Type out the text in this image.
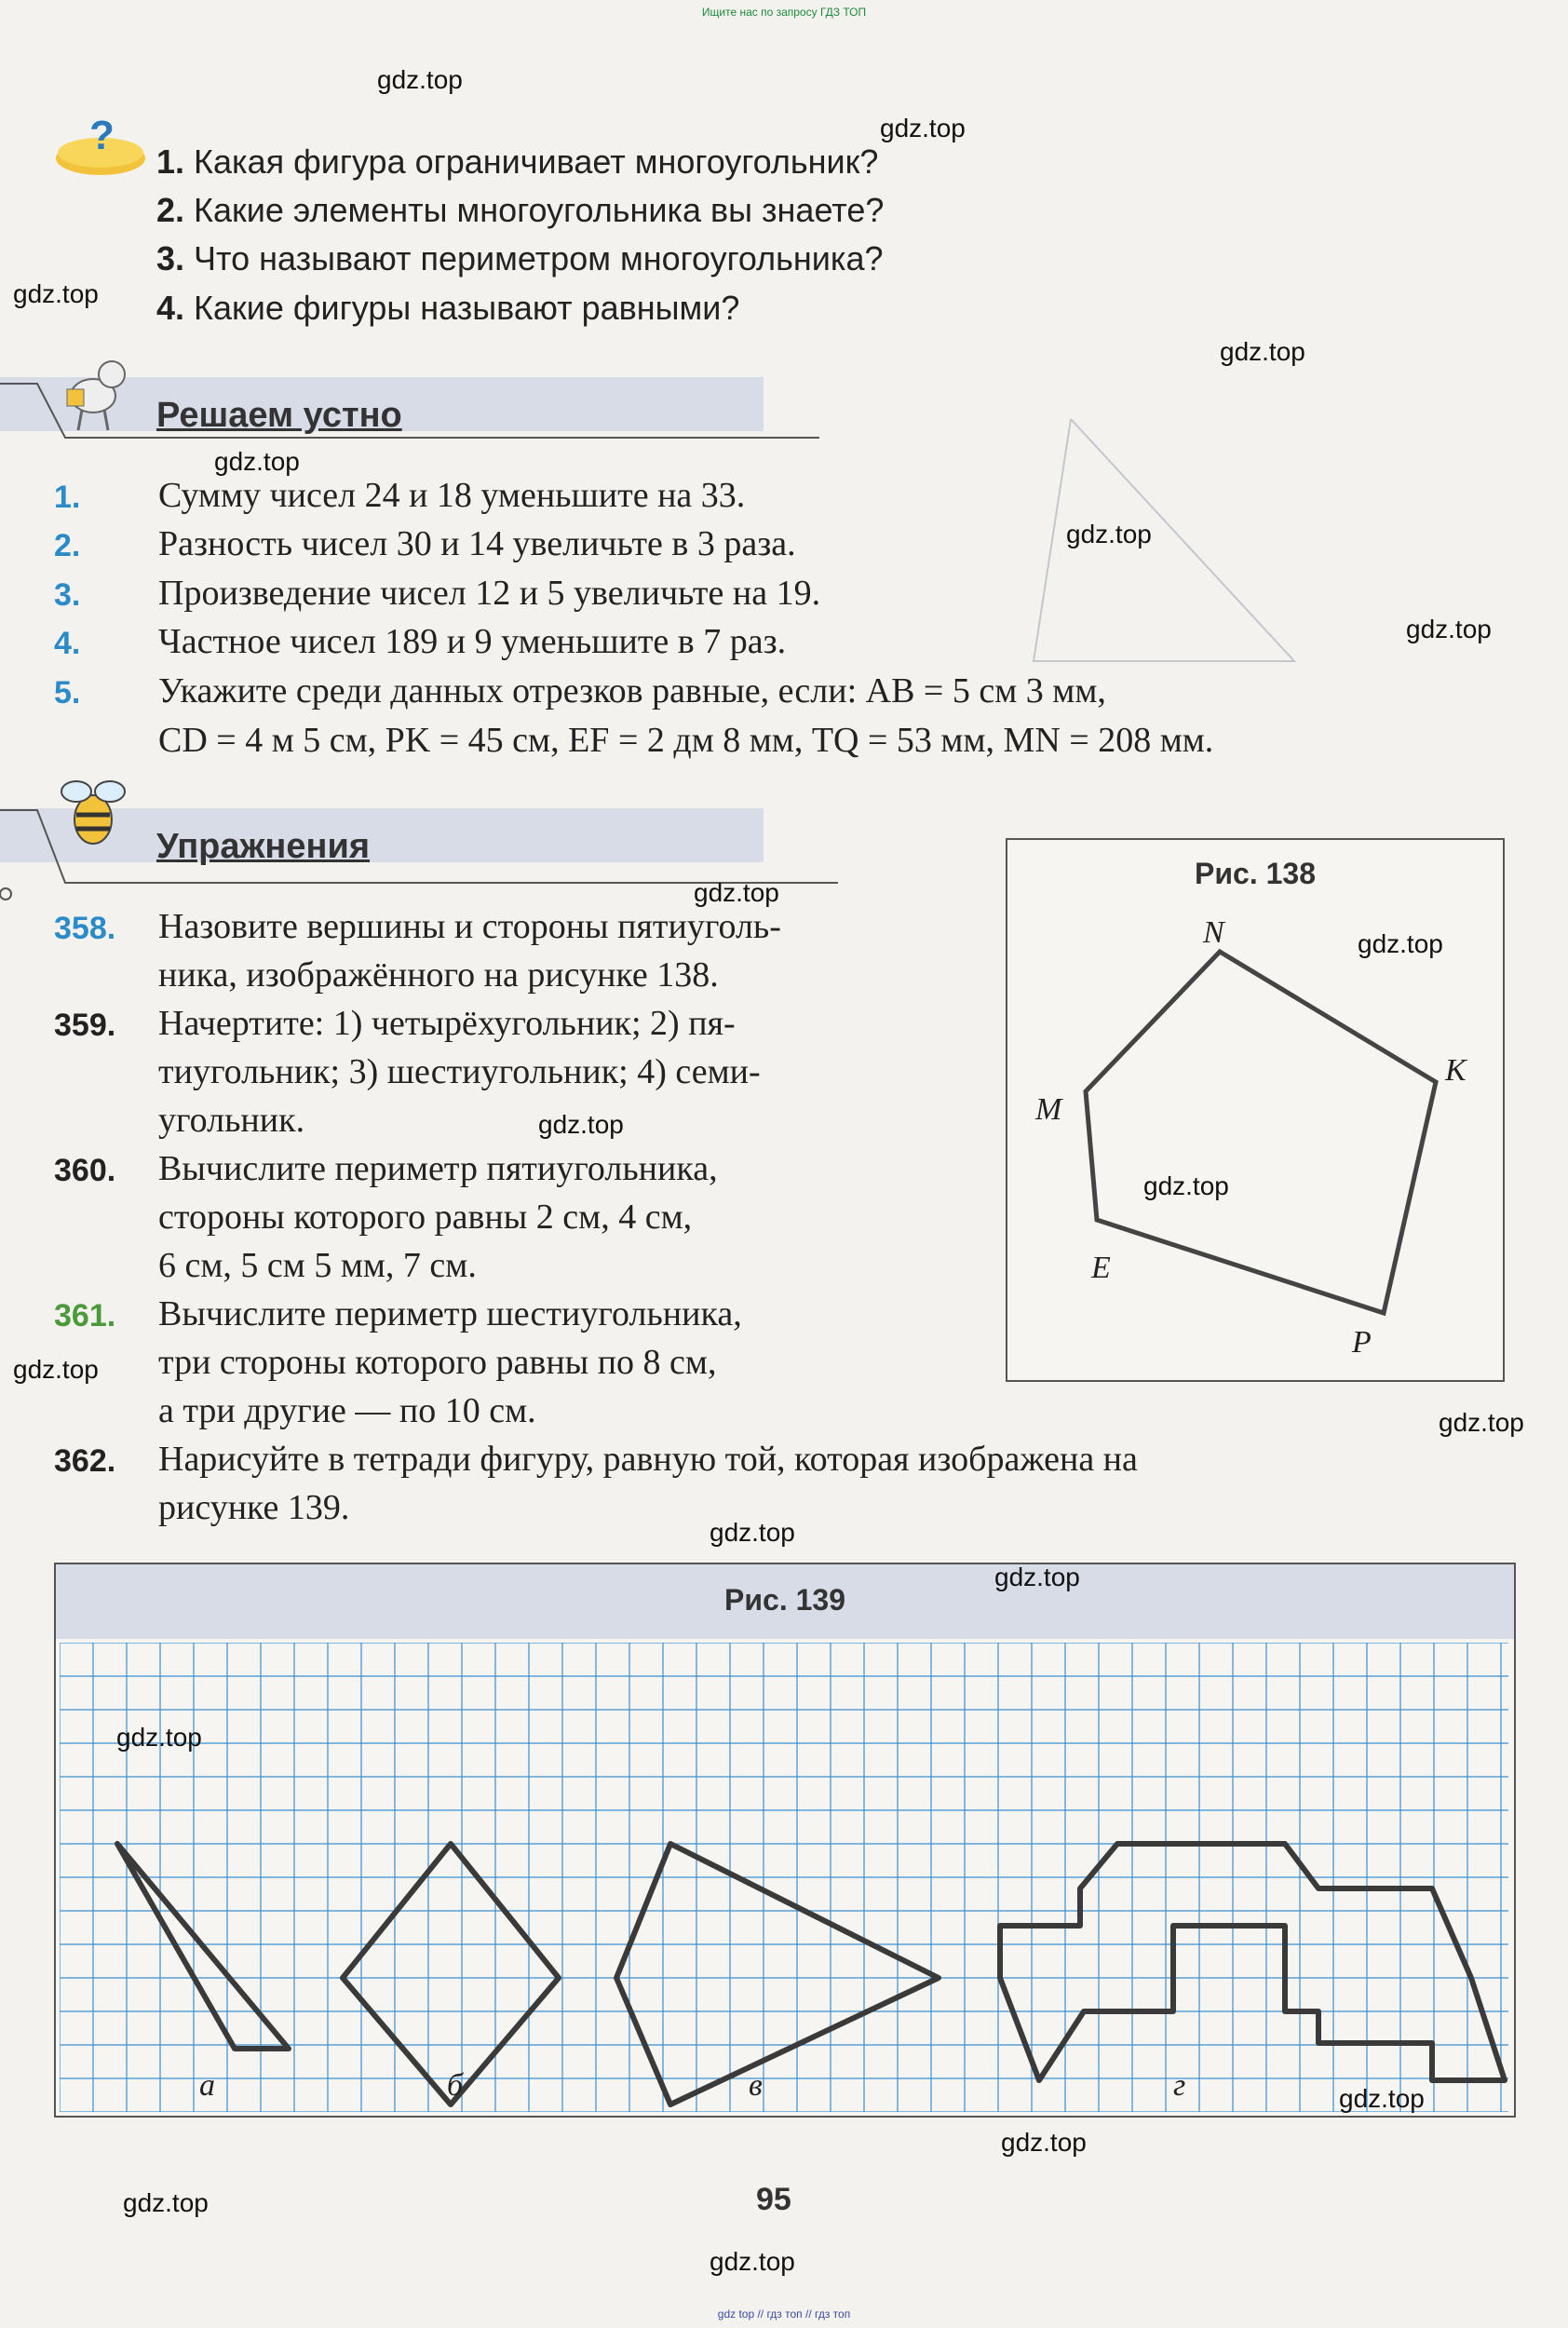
Ищите нас по запросу ГДЗ ТОП
gdz top // гдз топ // гдз топ
?
1. Какая фигура ограничивает многоугольник?
2. Какие элементы многоугольника вы знаете?
3. Что называют периметром многоугольника?
4. Какие фигуры называют равными?
Решаем устно
1. Сумму чисел 24 и 18 уменьшите на 33.
2. Разность чисел 30 и 14 увеличьте в 3 раза.
3. Произведение чисел 12 и 5 увеличьте на 19.
4. Частное чисел 189 и 9 уменьшите в 7 раз.
5. Укажите среди данных отрезков равные, если: AB = 5 см 3 мм,
CD = 4 м 5 см, PK = 45 см, EF = 2 дм 8 мм, TQ = 53 мм, MN = 208 мм.
Упражнения
358. Назовите вершины и стороны пятиуголь-
ника, изображённого на рисунке 138.
359. Начертите: 1) четырёхугольник; 2) пя-
тиугольник; 3) шестиугольник; 4) семи-
угольник.
360. Вычислите периметр пятиугольника,
стороны которого равны 2 см, 4 см,
6 см, 5 см 5 мм, 7 см.
361. Вычислите периметр шестиугольника,
три стороны которого равны по 8 см,
а три другие — по 10 см.
362. Нарисуйте в тетради фигуру, равную той, которая изображена на
рисунке 139.
Рис. 138
N
K
M
E
P
Рис. 139
а	б	в	г
95
gdz.top
gdz.top
gdz.top
gdz.top
gdz.top
gdz.top
gdz.top
gdz.top
gdz.top
gdz.top
gdz.top
gdz.top
gdz.top
gdz.top
gdz.top
gdz.top
gdz.top
gdz.top
gdz.top
gdz.top
